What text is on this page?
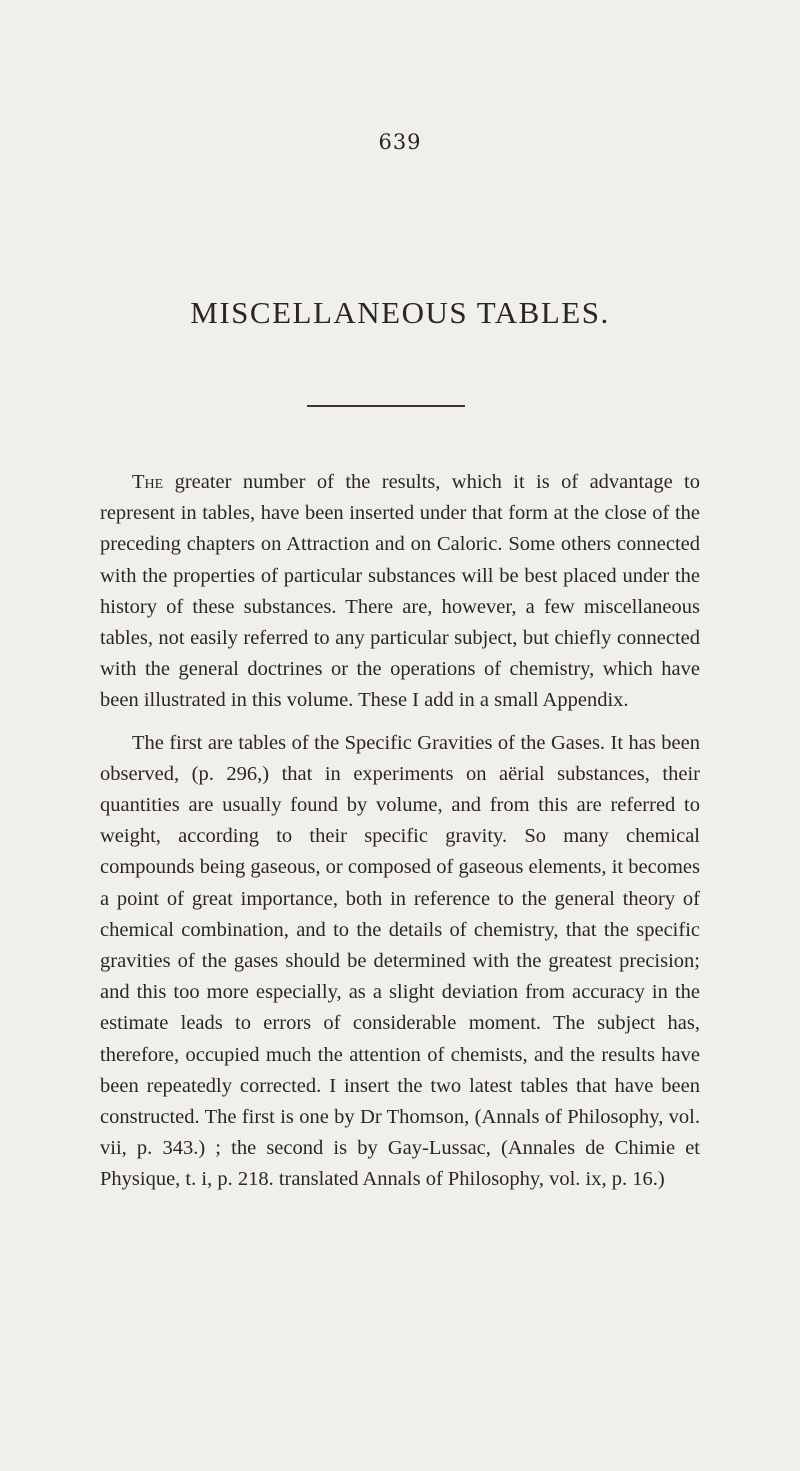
639
MISCELLANEOUS TABLES.

The greater number of the results, which it is of advantage to represent in tables, have been inserted under that form at the close of the preceding chapters on Attraction and on Caloric. Some others connected with the properties of particular substances will be best placed under the history of these substances. There are, however, a few miscellaneous tables, not easily referred to any particular subject, but chiefly connected with the general doctrines or the operations of chemistry, which have been illustrated in this volume. These I add in a small Appendix.

The first are tables of the Specific Gravities of the Gases. It has been observed, (p. 296,) that in experiments on aërial substances, their quantities are usually found by volume, and from this are referred to weight, according to their specific gravity. So many chemical compounds being gaseous, or composed of gaseous elements, it becomes a point of great importance, both in reference to the general theory of chemical combination, and to the details of chemistry, that the specific gravities of the gases should be determined with the greatest precision; and this too more especially, as a slight deviation from accuracy in the estimate leads to errors of considerable moment. The subject has, therefore, occupied much the attention of chemists, and the results have been repeatedly corrected. I insert the two latest tables that have been constructed. The first is one by Dr Thomson, (Annals of Philosophy, vol. vii, p. 343.) ; the second is by Gay-Lussac, (Annales de Chimie et Physique, t. i, p. 218. translated Annals of Philosophy, vol. ix, p. 16.)
